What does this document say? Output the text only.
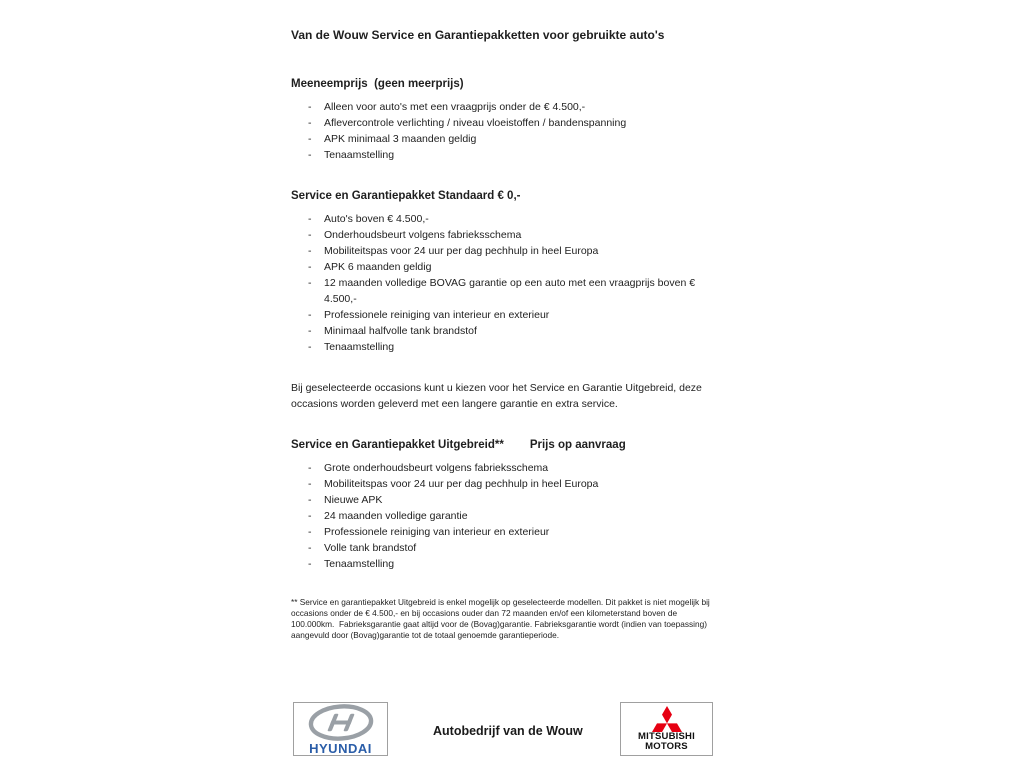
Van de Wouw Service en Garantiepakketten voor gebruikte auto's
Meeneemprijs  (geen meerprijs)
-	Alleen voor auto's met een vraagprijs onder de € 4.500,-
-	Aflevercontrole verlichting / niveau vloeistoffen / bandenspanning
-	APK minimaal 3 maanden geldig
-	Tenaamstelling
Service en Garantiepakket Standaard € 0,-
-	Auto's boven € 4.500,-
-	Onderhoudsbeurt volgens fabrieksschema
-	Mobiliteitspas voor 24 uur per dag pechhulp in heel Europa
-	APK 6 maanden geldig
-	12 maanden volledige BOVAG garantie op een auto met een vraagprijs boven € 4.500,-
-	Professionele reiniging van interieur en exterieur
-	Minimaal halfvolle tank brandstof
-	Tenaamstelling

Bij geselecteerde occasions kunt u kiezen voor het Service en Garantie Uitgebreid, deze occasions worden geleverd met een langere garantie en extra service.

Service en Garantiepakket Uitgebreid** Prijs op aanvraag
-	Grote onderhoudsbeurt volgens fabrieksschema
-	Mobiliteitspas voor 24 uur per dag pechhulp in heel Europa
-	Nieuwe APK
-	24 maanden volledige garantie
-	Professionele reiniging van interieur en exterieur
-	Volle tank brandstof
-	Tenaamstelling

** Service en garantiepakket Uitgebreid is enkel mogelijk op geselecteerde modellen. Dit pakket is niet mogelijk bij occasions onder de € 4.500,- en bij occasions ouder dan 72 maanden en/of een kilometerstand boven de 100.000km.  Fabrieksgarantie gaat altijd voor de (Bovag)garantie. Fabrieksgarantie wordt (indien van toepassing) aangevuld door (Bovag)garantie tot de totaal genoemde garantieperiode.

HYUNDAI
Autobedrijf van de Wouw	MITSUBISHI
MOTORS
